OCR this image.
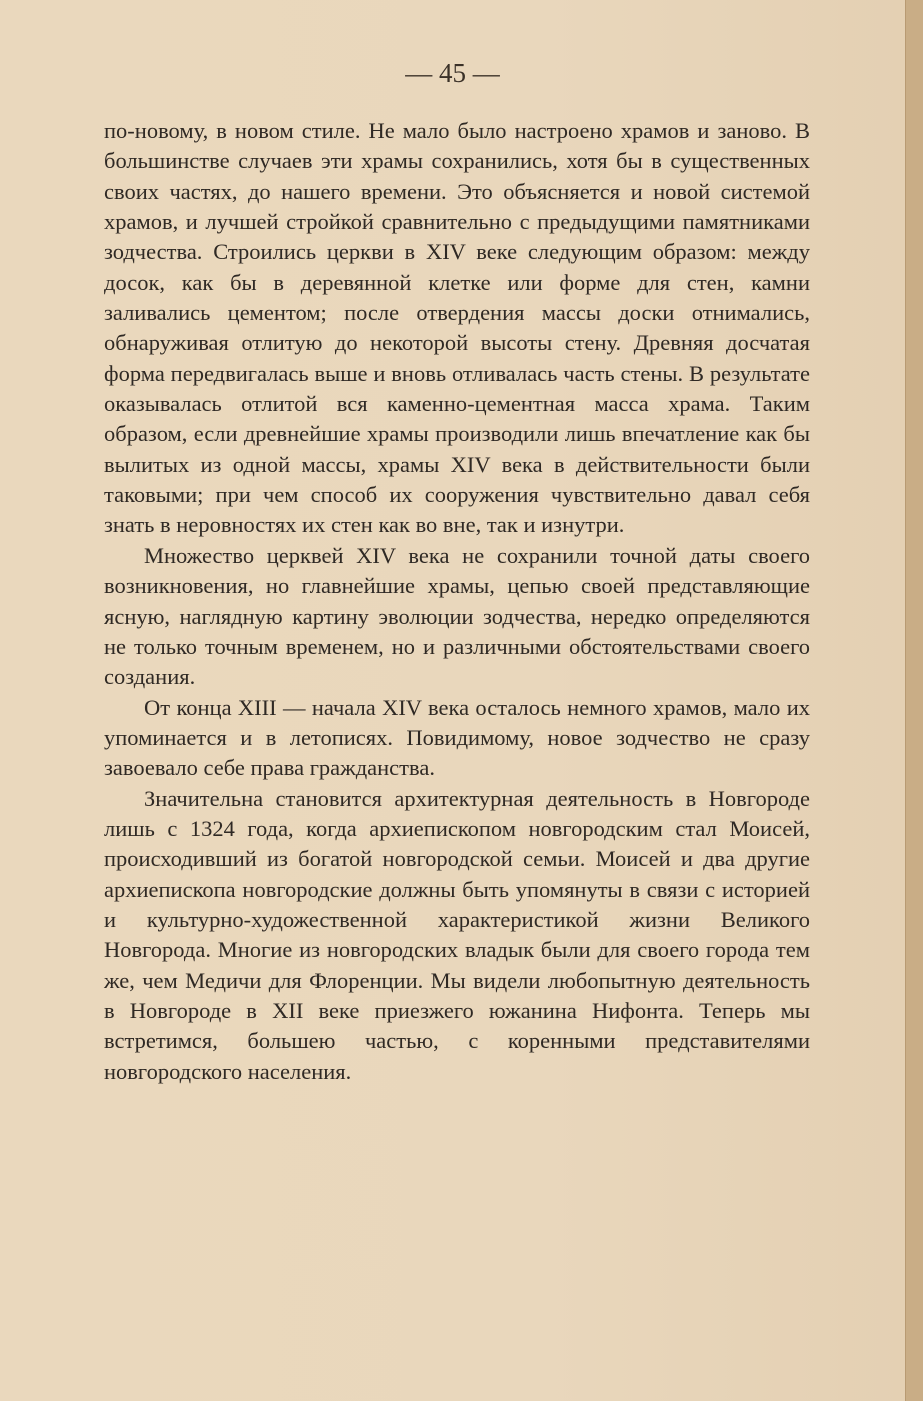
— 45 —

по-новому, в новом стиле. Не мало было настроено храмов и заново. В большинстве случаев эти храмы сохранились, хотя бы в существенных своих частях, до нашего времени. Это объясняется и новой системой храмов, и лучшей стройкой сравнительно с предыдущими памятниками зодчества. Строились церкви в XIV веке следующим образом: между досок, как бы в деревянной клетке или форме для стен, камни заливались цементом; после отвердения массы доски отнимались, обнаруживая отлитую до некоторой высоты стену. Древняя досчатая форма передвигалась выше и вновь отливалась часть стены. В результате оказывалась отлитой вся каменно-цементная масса храма. Таким образом, если древнейшие храмы производили лишь впечатление как бы вылитых из одной массы, храмы XIV века в действительности были таковыми; при чем способ их сооружения чувствительно давал себя знать в неровностях их стен как во вне, так и изнутри.

Множество церквей XIV века не сохранили точной даты своего возникновения, но главнейшие храмы, цепью своей представляющие ясную, наглядную картину эволюции зодчества, нередко определяются не только точным временем, но и различными обстоятельствами своего создания.

От конца XIII — начала XIV века осталось немного храмов, мало их упоминается и в летописях. Повидимому, новое зодчество не сразу завоевало себе права гражданства.

Значительна становится архитектурная деятельность в Новгороде лишь с 1324 года, когда архиепископом новгородским стал Моисей, происходивший из богатой новгородской семьи. Моисей и два другие архиепископа новгородские должны быть упомянуты в связи с историей и культурно-художественной характеристикой жизни Великого Новгорода. Многие из новгородских владык были для своего города тем же, чем Медичи для Флоренции. Мы видели любопытную деятельность в Новгороде в XII веке приезжего южанина Нифонта. Теперь мы встретимся, большею частью, с коренными представителями новгородского населения.
